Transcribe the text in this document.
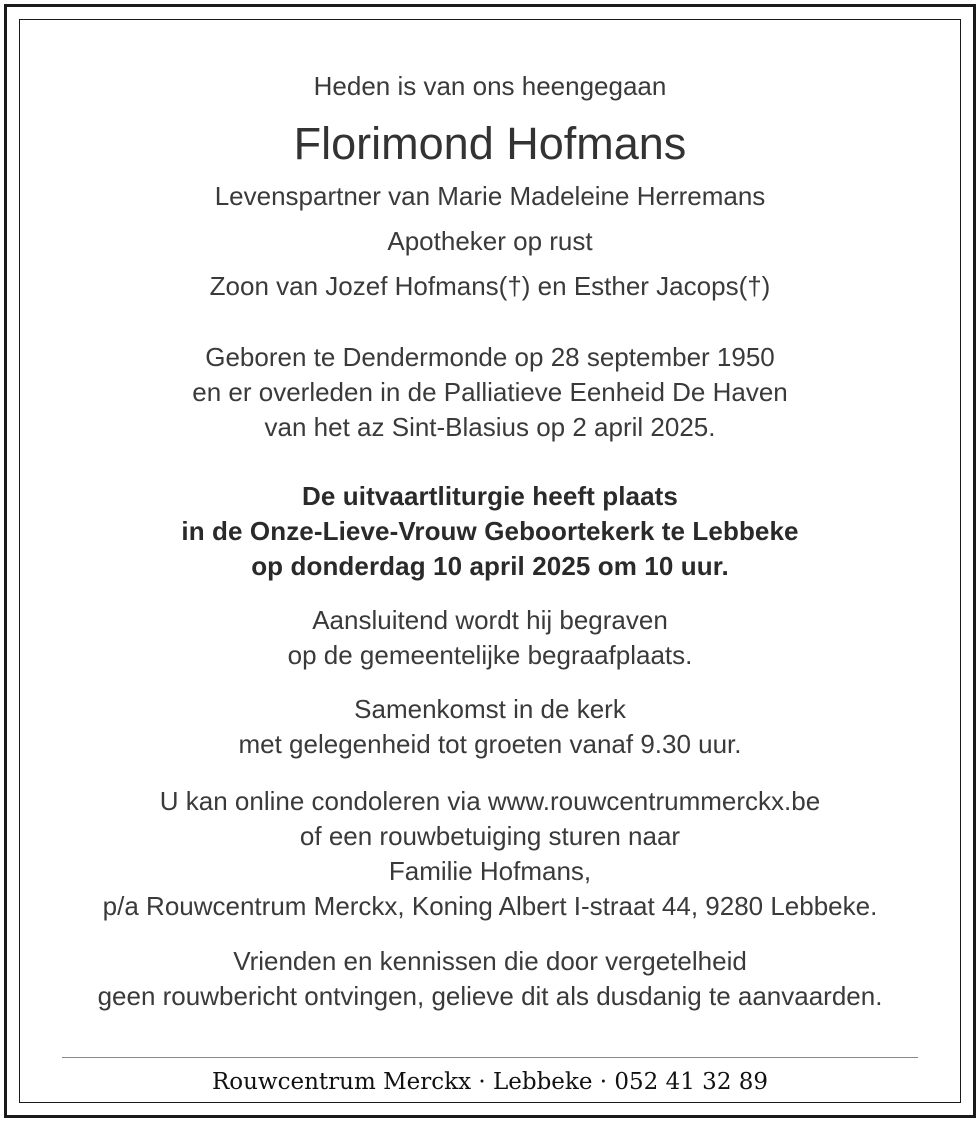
Heden is van ons heengegaan
Florimond Hofmans
Levenspartner van Marie Madeleine Herremans
Apotheker op rust
Zoon van Jozef Hofmans(†) en Esther Jacops(†)
Geboren te Dendermonde op 28 september 1950
en er overleden in de Palliatieve Eenheid De Haven
van het az Sint-Blasius op 2 april 2025.
De uitvaartliturgie heeft plaats
in de Onze-Lieve-Vrouw Geboortekerk te Lebbeke
op donderdag 10 april 2025 om 10 uur.
Aansluitend wordt hij begraven
op de gemeentelijke begraafplaats.
Samenkomst in de kerk
met gelegenheid tot groeten vanaf 9.30 uur.
U kan online condoleren via www.rouwcentrummerckx.be
of een rouwbetuiging sturen naar
Familie Hofmans,
p/a Rouwcentrum Merckx, Koning Albert I-straat 44, 9280 Lebbeke.
Vrienden en kennissen die door vergetelheid
geen rouwbericht ontvingen, gelieve dit als dusdanig te aanvaarden.
Rouwcentrum Merckx · Lebbeke · 052 41 32 89
